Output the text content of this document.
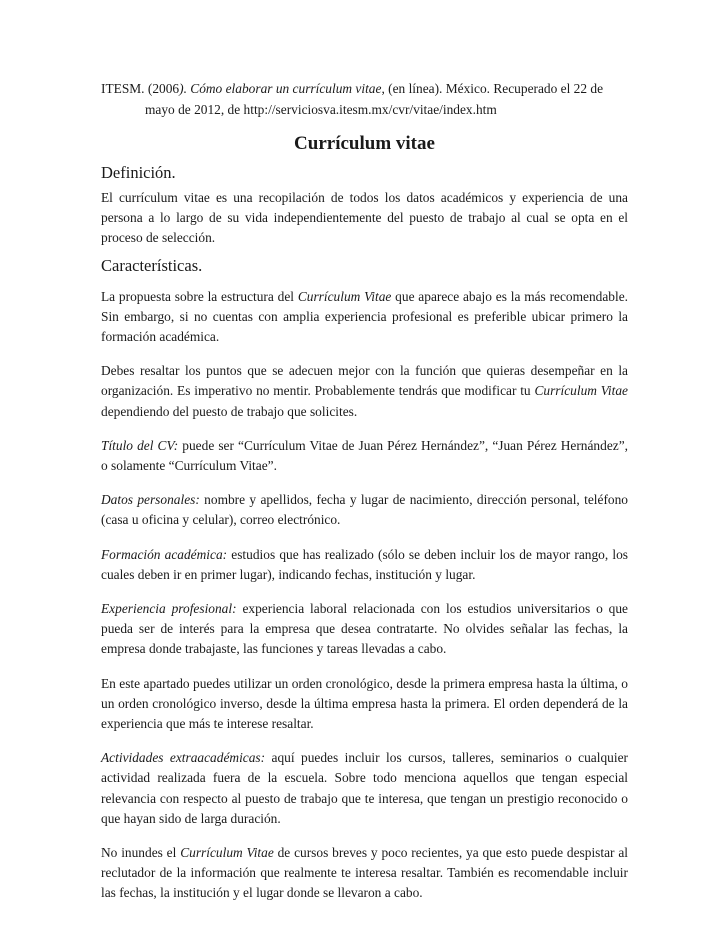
ITESM. (2006). Cómo elaborar un currículum vitae, (en línea). México. Recuperado el 22 de mayo de 2012, de http://serviciosva.itesm.mx/cvr/vitae/index.htm

Currículum vitae
Definición.

El currículum vitae es una recopilación de todos los datos académicos y experiencia de una persona a lo largo de su vida independientemente del puesto de trabajo al cual se opta en el proceso de selección.

Características.

La propuesta sobre la estructura del Currículum Vitae que aparece abajo es la más recomendable. Sin embargo, si no cuentas con amplia experiencia profesional es preferible ubicar primero la formación académica.

Debes resaltar los puntos que se adecuen mejor con la función que quieras desempeñar en la organización. Es imperativo no mentir. Probablemente tendrás que modificar tu Currículum Vitae dependiendo del puesto de trabajo que solicites.

Título del CV: puede ser “Currículum Vitae de Juan Pérez Hernández”, “Juan Pérez Hernández”, o solamente “Currículum Vitae”.

Datos personales: nombre y apellidos, fecha y lugar de nacimiento, dirección personal, teléfono (casa u oficina y celular), correo electrónico.

Formación académica: estudios que has realizado (sólo se deben incluir los de mayor rango, los cuales deben ir en primer lugar), indicando fechas, institución y lugar.

Experiencia profesional: experiencia laboral relacionada con los estudios universitarios o que pueda ser de interés para la empresa que desea contratarte. No olvides señalar las fechas, la empresa donde trabajaste, las funciones y tareas llevadas a cabo.

En este apartado puedes utilizar un orden cronológico, desde la primera empresa hasta la última, o un orden cronológico inverso, desde la última empresa hasta la primera. El orden dependerá de la experiencia que más te interese resaltar.

Actividades extraacadémicas: aquí puedes incluir los cursos, talleres, seminarios o cualquier actividad realizada fuera de la escuela. Sobre todo menciona aquellos que tengan especial relevancia con respecto al puesto de trabajo que te interesa, que tengan un prestigio reconocido o que hayan sido de larga duración.

No inundes el Currículum Vitae de cursos breves y poco recientes, ya que esto puede despistar al reclutador de la información que realmente te interesa resaltar. También es recomendable incluir las fechas, la institución y el lugar donde se llevaron a cabo.
